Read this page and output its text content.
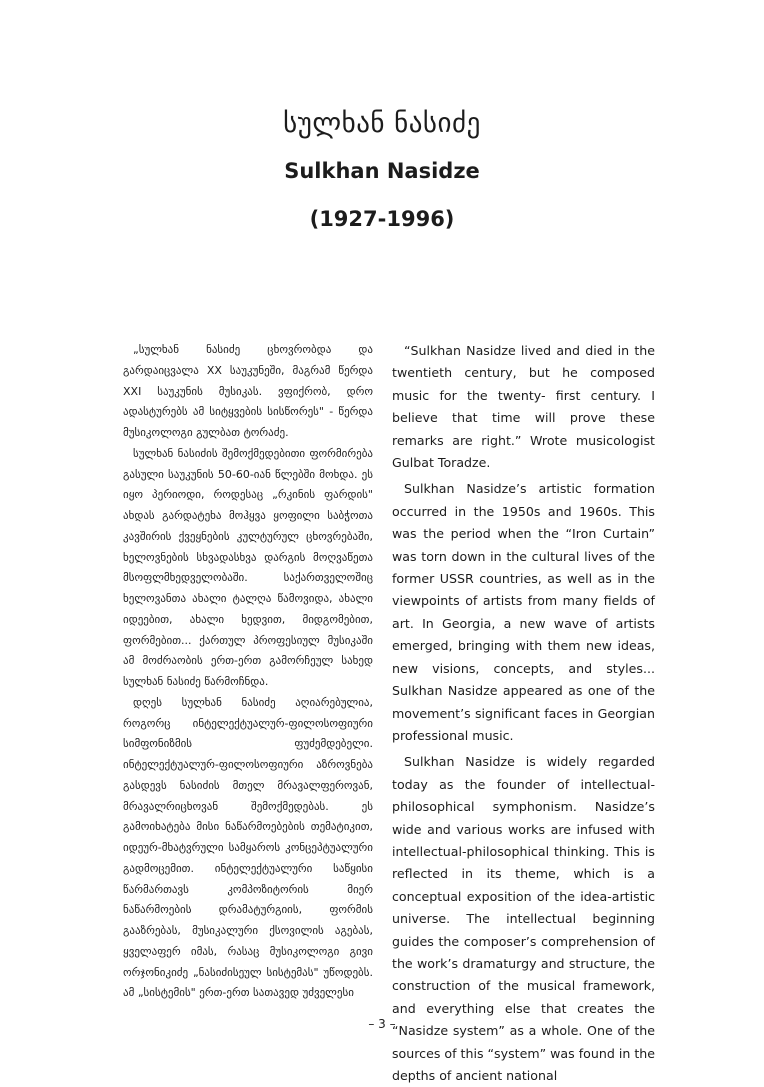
სულხან ნასიძე
Sulkhan Nasidze
(1927-1996)

„სულხან ნასიძე ცხოვრობდა და გარდაიცვალა XX საუკუნეში, მაგრამ წერდა XXI საუკუნის მუსიკას. ვფიქრობ, დრო ადასტურებს ამ სიტყვების სისწორეს" - წერდა მუსიკოლოგი გულბათ ტორაძე.

სულხან ნასიძის შემოქმედებითი ფორმირება გასული საუკუნის 50-60-იან წლებში მოხდა. ეს იყო პერიოდი, როდესაც „რკინის ფარდის" ახდას გარდატეხა მოჰყვა ყოფილი საბჭოთა კავშირის ქვეყნების კულტურულ ცხოვრებაში, ხელოვნების სხვადასხვა დარგის მოღვაწეთა მსოფლმხედველობაში. საქართველოშიც ხელოვანთა ახალი ტალღა წამოვიდა, ახალი იდეებით, ახალი ხედვით, მიდგომებით, ფორმებით... ქართულ პროფესიულ მუსიკაში ამ მოძრაობის ერთ-ერთ გამორჩეულ სახედ სულხან ნასიძე წარმოჩნდა.

დღეს სულხან ნასიძე აღიარებულია, როგორც ინტელექტუალურ-ფილოსოფიური სიმფონიზმის ფუძემდებელი. ინტელექტუალურ-ფილოსოფიური აზროვნება გასდევს ნასიძის მთელ მრავალფეროვან, მრავალრიცხოვან შემოქმედებას. ეს გამოიხატება მისი ნაწარმოებების თემატიკით, იდეურ-მხატვრული სამყაროს კონცეპტუალური გადმოცემით. ინტელექტუალური საწყისი წარმართავს კომპოზიტორის მიერ ნაწარმოების დრამატურგიის, ფორმის გააზრებას, მუსიკალური ქსოვილის აგებას, ყველაფერ იმას, რასაც მუსიკოლოგი გივი ორჯონიკიძე „ნასიძისეულ სისტემას" უწოდებს. ამ „სისტემის" ერთ-ერთ სათავედ უძველესი

“Sulkhan Nasidze lived and died in the twentieth century, but he composed music for the twenty- first century. I believe that time will prove these remarks are right.” Wrote musicologist Gulbat Toradze.

Sulkhan Nasidze’s artistic formation occurred in the 1950s and 1960s. This was the period when the “Iron Curtain” was torn down in the cultural lives of the former USSR countries, as well as in the viewpoints of artists from many fields of art. In Georgia, a new wave of artists emerged, bringing with them new ideas, new visions, concepts, and styles... Sulkhan Nasidze appeared as one of the movement’s significant faces in Georgian professional music.

Sulkhan Nasidze is widely regarded today as the founder of intellectual-philosophical symphonism. Nasidze’s wide and various works are infused with intellectual-philosophical thinking. This is reflected in its theme, which is a conceptual exposition of the idea-artistic universe. The intellectual beginning guides the composer’s comprehension of the work’s dramaturgy and structure, the construction of the musical framework, and everything else that creates the “Nasidze system” as a whole. One of the sources of this “system” was found in the depths of ancient national

– 3 –
